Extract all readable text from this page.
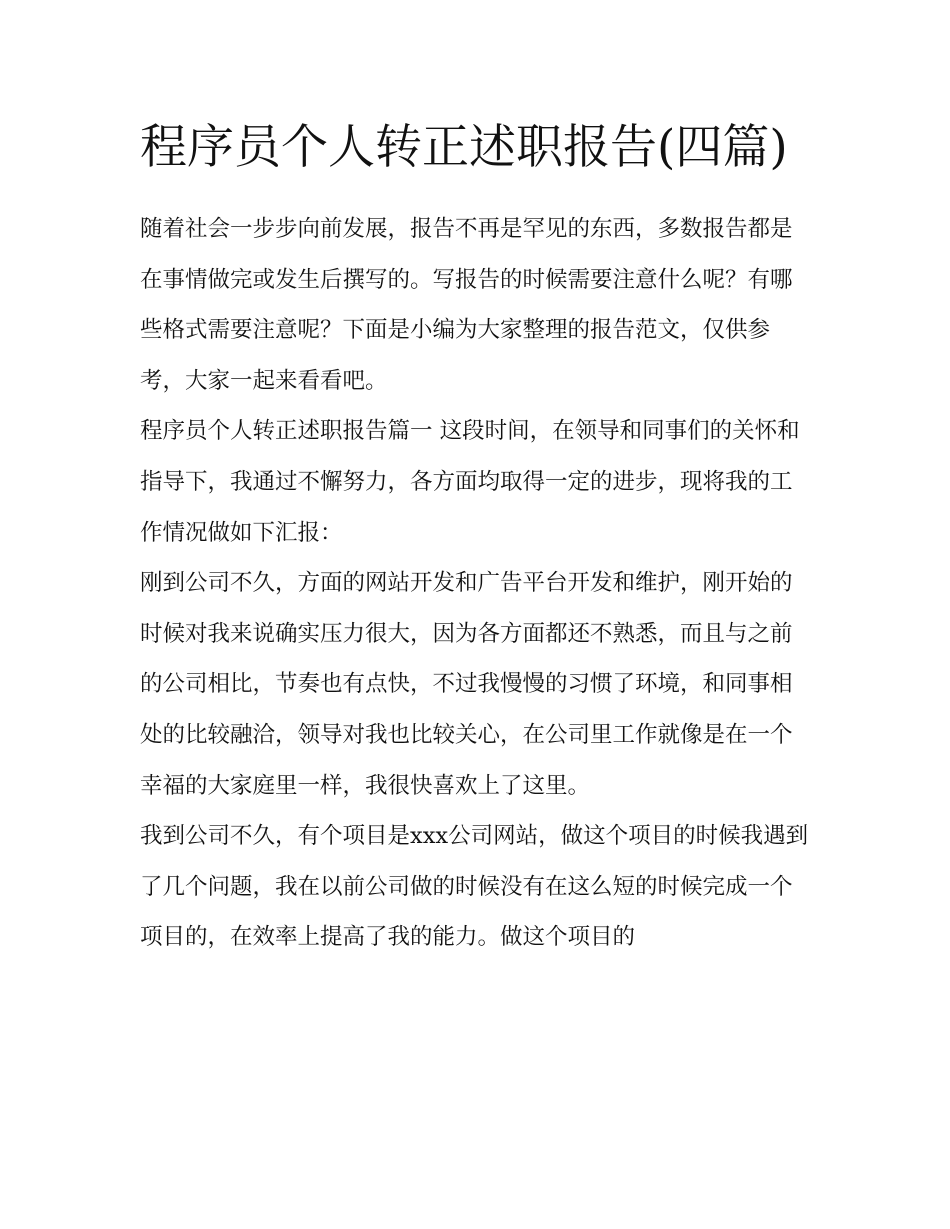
程序员个人转正述职报告(四篇)

随着社会一步步向前发展，报告不再是罕见的东西，多数报告都是在事情做完或发生后撰写的。写报告的时候需要注意什么呢？有哪些格式需要注意呢？下面是小编为大家整理的报告范文，仅供参考，大家一起来看看吧。

程序员个人转正述职报告篇一 这段时间，在领导和同事们的关怀和指导下，我通过不懈努力，各方面均取得一定的进步，现将我的工作情况做如下汇报：

刚到公司不久，方面的网站开发和广告平台开发和维护，刚开始的时候对我来说确实压力很大，因为各方面都还不熟悉，而且与之前的公司相比，节奏也有点快，不过我慢慢的习惯了环境，和同事相处的比较融洽，领导对我也比较关心，在公司里工作就像是在一个幸福的大家庭里一样，我很快喜欢上了这里。

我到公司不久，有个项目是xxx公司网站，做这个项目的时候我遇到了几个问题，我在以前公司做的时候没有在这么短的时候完成一个项目的，在效率上提高了我的能力。做这个项目的
